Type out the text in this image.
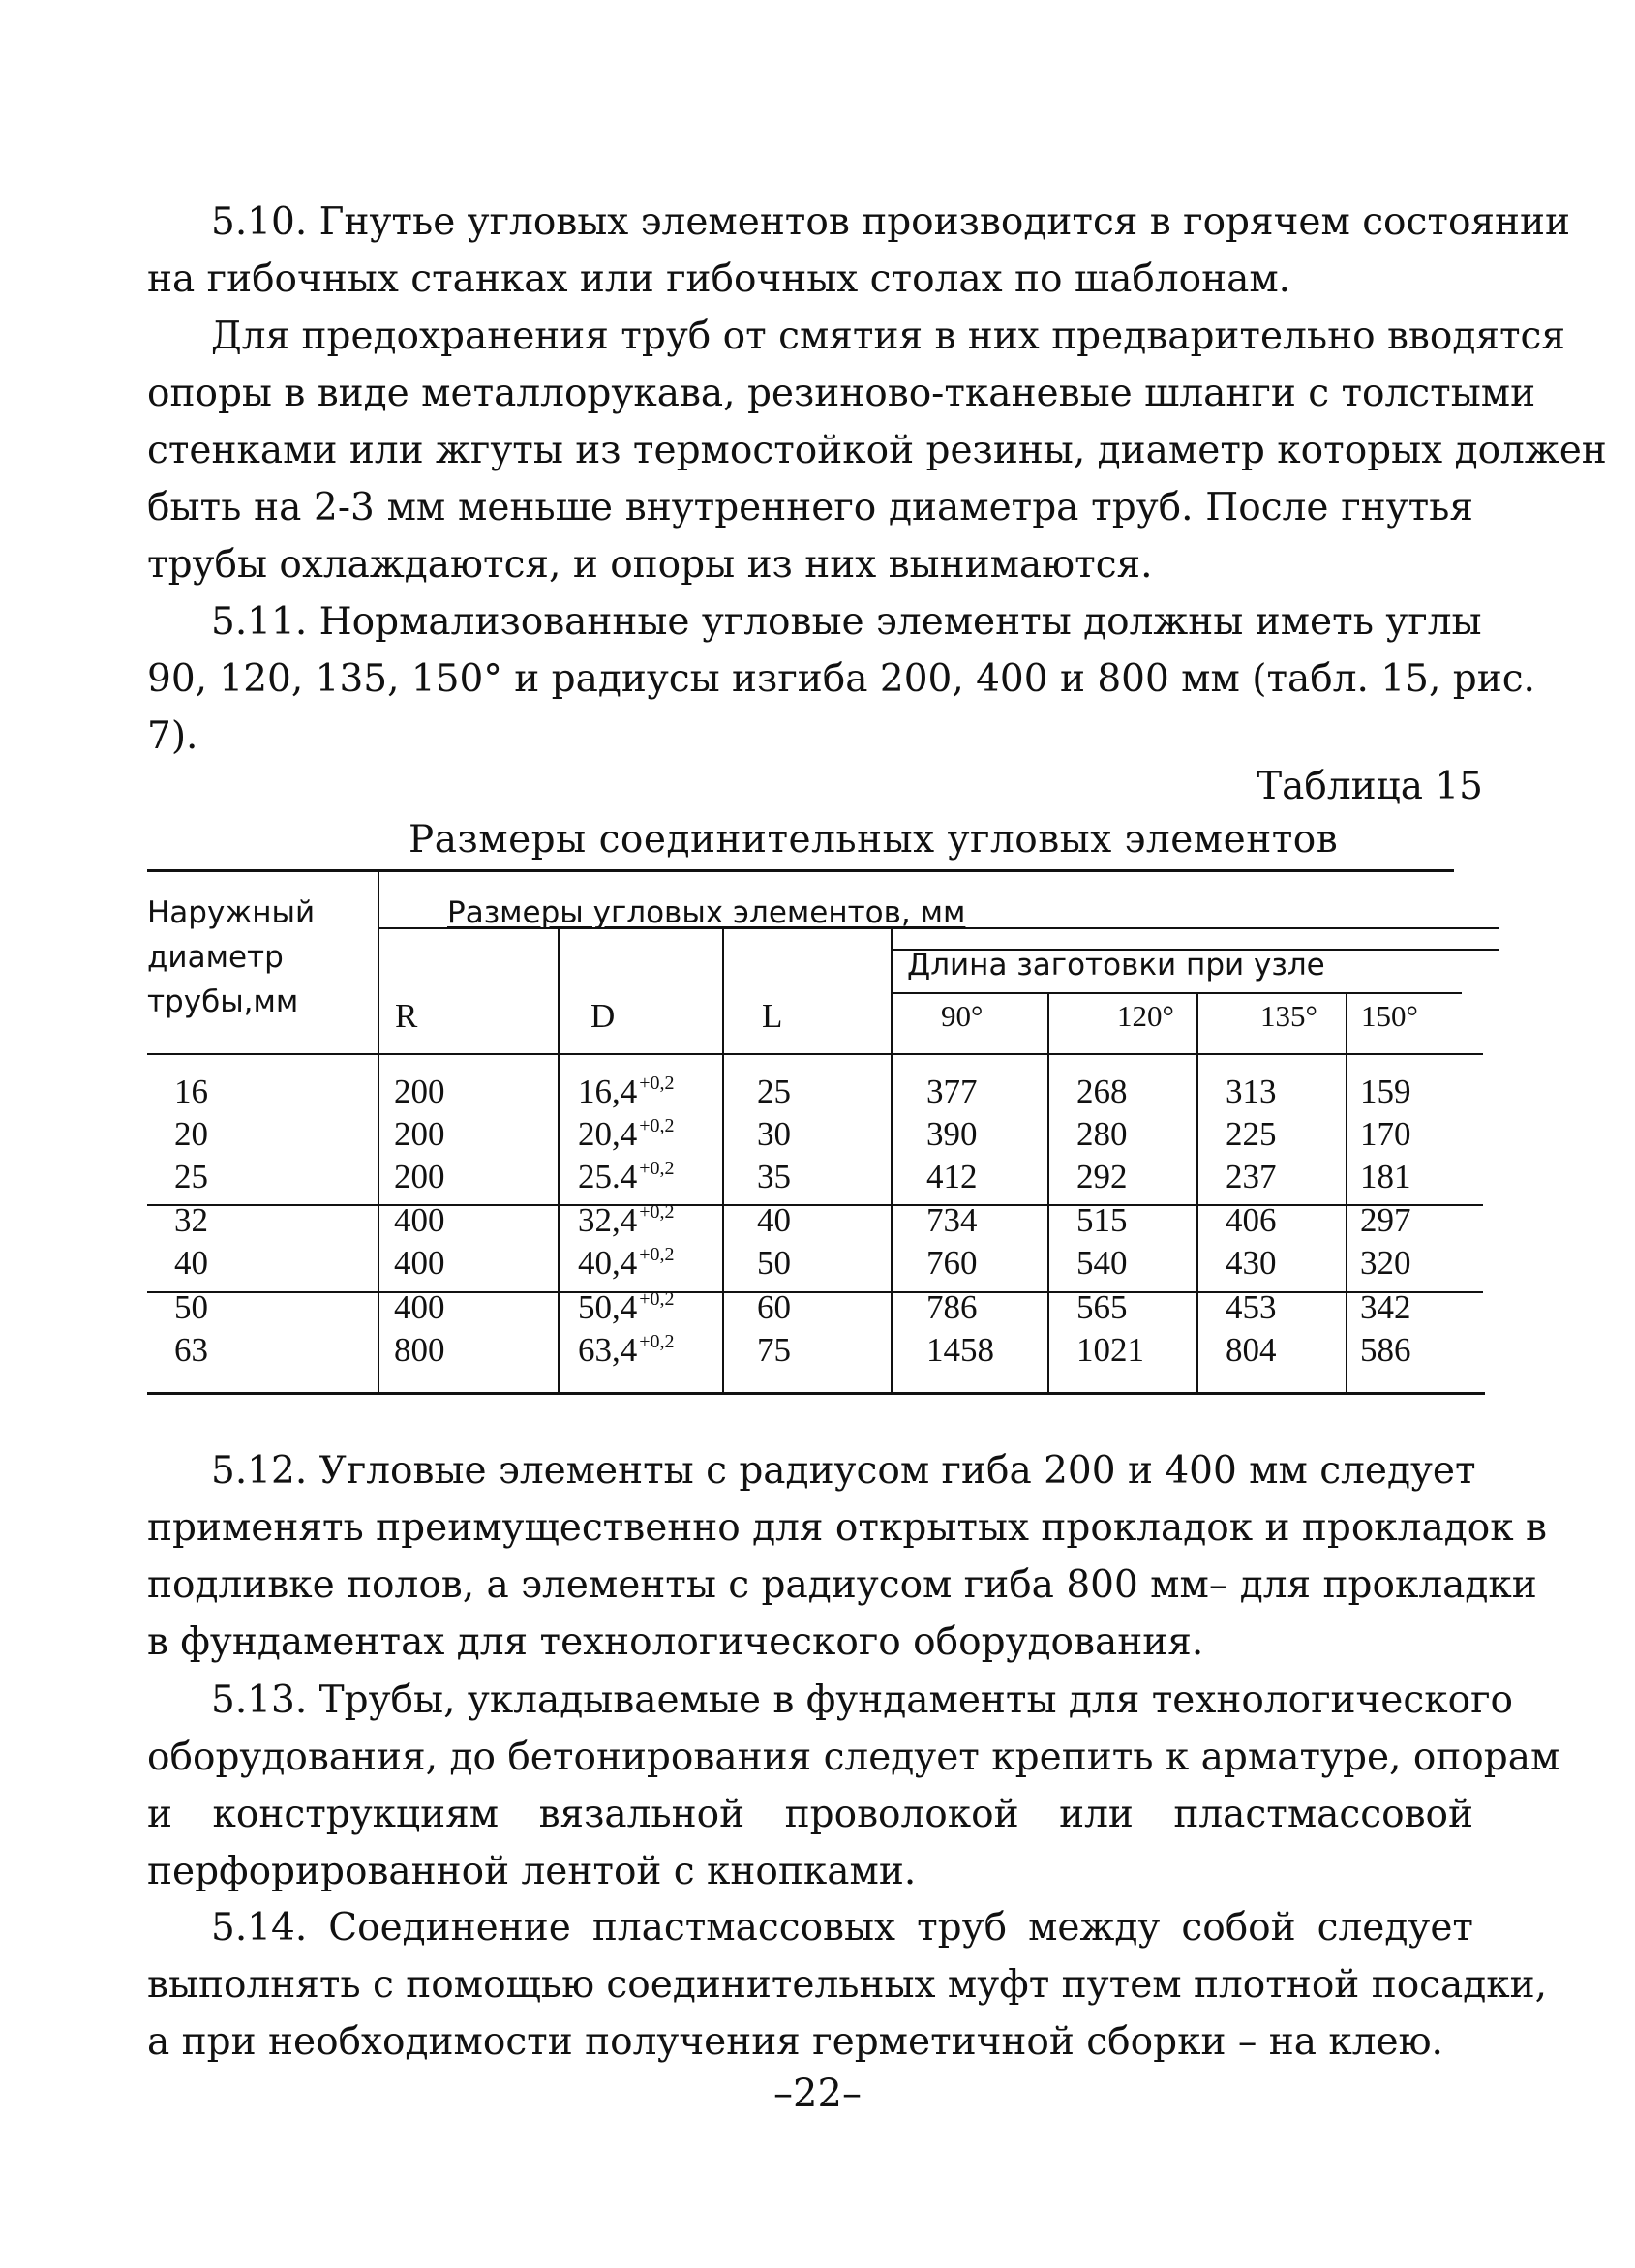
5.10. Гнутье угловых элементов производится в горячем состоянии
на гибочных станках или гибочных столах по шаблонам.
Для предохранения труб от смятия в них предварительно вводятся
опоры в виде металлорукава, резиново-тканевые шланги с толстыми
стенками или жгуты из термостойкой резины, диаметр которых должен
быть на 2-3 мм меньше внутреннего диаметра труб. После гнутья
трубы охлаждаются, и опоры из них вынимаются.
5.11. Нормализованные угловые элементы должны иметь углы
90, 120, 135, 150° и радиусы изгиба 200, 400 и 800 мм (табл. 15, рис.
7).
Таблица 15
Размеры соединительных угловых элементов
Наружный
диаметр
трубы,мм
Размеры угловых элементов, мм
Длина заготовки при узле
R	D	L	90°	120°	135° 150°
16	200	16,4 $^{+0,2}$ 25	377	268	313 159
20	200	20,4 $^{+0,2}$ 30	390	280	225 170
25	200	25.4 $^{+0,2}$ 35	412	292	237 181
32	400	32,4 $^{+0,2}$ 40	734	515	406 297
40	400	40,4 $^{+0,2}$ 50	760	540	430 320
50	400	50,4 $^{+0,2}$ 60	786	565	453 342
63	800	63,4 $^{+0,2}$ 75	1458 1021 804 586
5.12. Угловые элементы с радиусом гиба 200 и 400 мм следует
применять преимущественно для открытых прокладок и прокладок в
подливке полов, а элементы с радиусом гиба 800 мм– для прокладки
в фундаментах для технологического оборудования.
5.13. Трубы, укладываемые в фундаменты для технологического
оборудования, до бетонирования следует крепить к арматуре, опорам
и конструкциям вязальной проволокой или пластмассовой
перфорированной лентой с кнопками.
5.14. Соединение пластмассовых труб между собой следует
выполнять с помощью соединительных муфт путем плотной посадки,
а при необходимости получения герметичной сборки – на клею.
–22–
